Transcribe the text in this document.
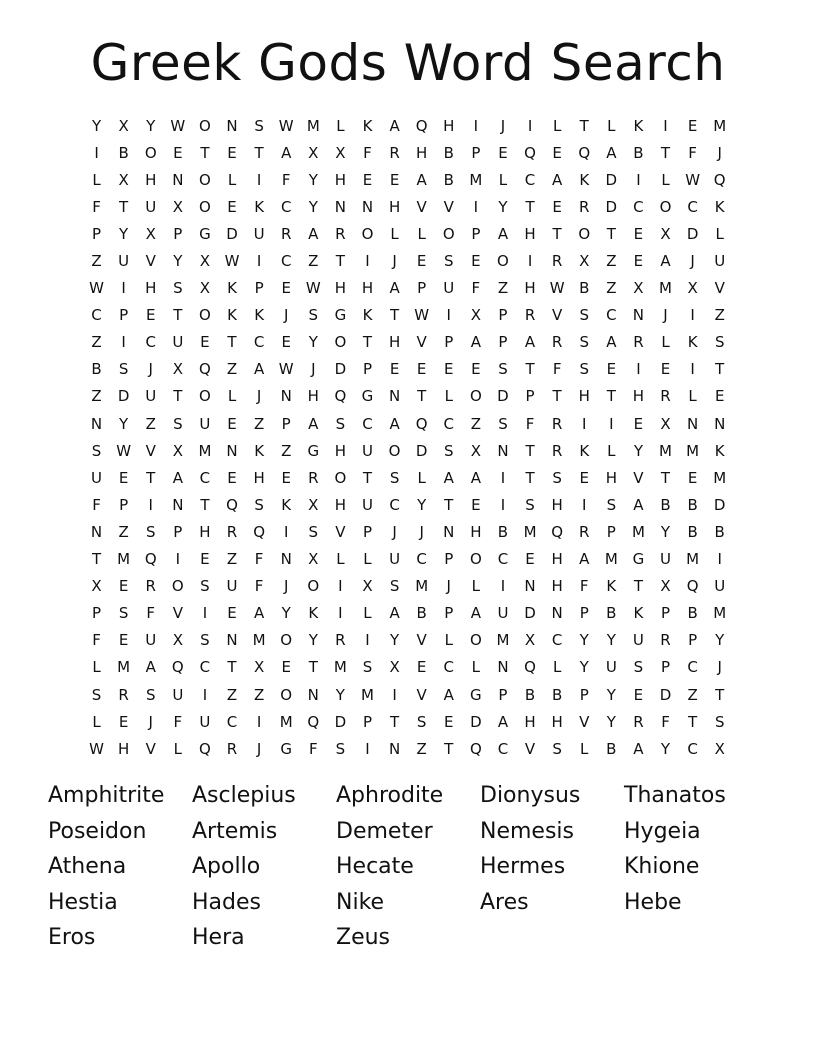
Greek Gods Word Search
Y	X	Y	W	O	N	S	W	M	L	K	A	Q	H	I	J	I	L	T	L	K	I	E	M
I	B	O	E	T	E	T	A	X	X	F	R	H	B	P	E	Q	E	Q	A	B	T	F	J
L	X	H	N	O	L	I	F	Y	H	E	E	A	B	M	L	C	A	K	D	I	L	W	Q
F	T	U	X	O	E	K	C	Y	N	N	H	V	V	I	Y	T	E	R	D	C	O	C	K
P	Y	X	P	G	D	U	R	A	R	O	L	L	O	P	A	H	T	O	T	E	X	D	L
Z	U	V	Y	X	W	I	C	Z	T	I	J	E	S	E	O	I	R	X	Z	E	A	J	U
W	I	H	S	X	K	P	E	W	H	H	A	P	U	F	Z	H	W	B	Z	X	M	X	V
C	P	E	T	O	K	K	J	S	G	K	T	W	I	X	P	R	V	S	C	N	J	I	Z
Z	I	C	U	E	T	C	E	Y	O	T	H	V	P	A	P	A	R	S	A	R	L	K	S
B	S	J	X	Q	Z	A	W	J	D	P	E	E	E	E	S	T	F	S	E	I	E	I	T
Z	D	U	T	O	L	J	N	H	Q	G	N	T	L	O	D	P	T	H	T	H	R	L	E
N	Y	Z	S	U	E	Z	P	A	S	C	A	Q	C	Z	S	F	R	I	I	E	X	N	N
S	W	V	X	M	N	K	Z	G	H	U	O	D	S	X	N	T	R	K	L	Y	M	M	K
U	E	T	A	C	E	H	E	R	O	T	S	L	A	A	I	T	S	E	H	V	T	E	M
F	P	I	N	T	Q	S	K	X	H	U	C	Y	T	E	I	S	H	I	S	A	B	B	D
N	Z	S	P	H	R	Q	I	S	V	P	J	J	N	H	B	M	Q	R	P	M	Y	B	B
T	M	Q	I	E	Z	F	N	X	L	L	U	C	P	O	C	E	H	A	M	G	U	M	I
X	E	R	O	S	U	F	J	O	I	X	S	M	J	L	I	N	H	F	K	T	X	Q	U
P	S	F	V	I	E	A	Y	K	I	L	A	B	P	A	U	D	N	P	B	K	P	B	M
F	E	U	X	S	N	M	O	Y	R	I	Y	V	L	O	M	X	C	Y	Y	U	R	P	Y
L	M	A	Q	C	T	X	E	T	M	S	X	E	C	L	N	Q	L	Y	U	S	P	C	J
S	R	S	U	I	Z	Z	O	N	Y	M	I	V	A	G	P	B	B	P	Y	E	D	Z	T
L	E	J	F	U	C	I	M	Q	D	P	T	S	E	D	A	H	H	V	Y	R	F	T	S
W	H	V	L	Q	R	J	G	F	S	I	N	Z	T	Q	C	V	S	L	B	A	Y	C	X
Amphitrite	Asclepius	Aphrodite	Dionysus	Thanatos
Poseidon	Artemis	Demeter	Nemesis	Hygeia
Athena	Apollo	Hecate	Hermes	Khione
Hestia	Hades	Nike	Ares	Hebe
Eros	Hera	Zeus
